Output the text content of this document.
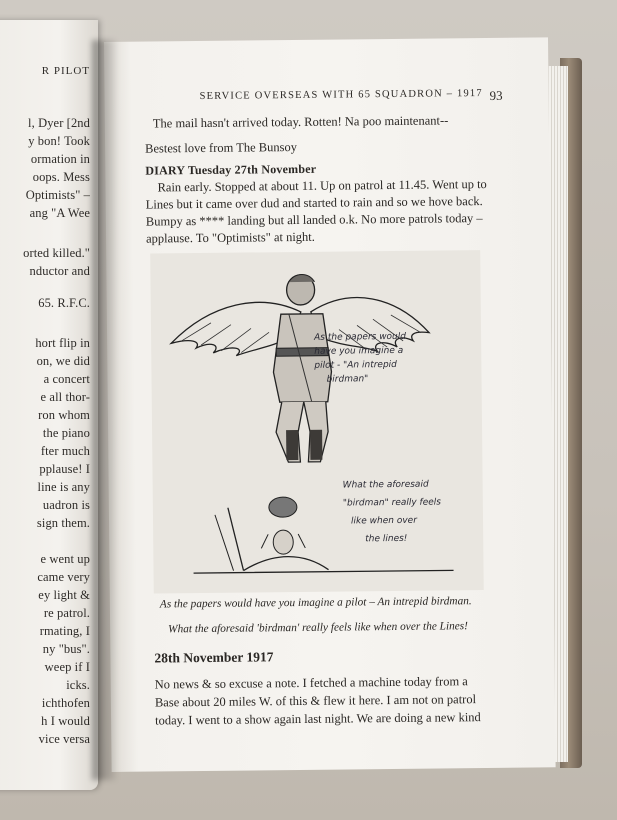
R PILOT
l, Dyer [2nd
y bon! Took
ormation in
oops. Mess
Optimists" –
ang "A Wee
orted killed."
nductor and
65. R.F.C.
hort flip in
on, we did
a concert
e all thor-
ron whom
the piano
fter much
pplause! I
line is any
uadron is
sign them.
e went up
came very
ey light &
re patrol.
rmating, I
ny "bus".
weep if I
icks.
ichthofen
h I would
vice versa
SERVICE OVERSEAS WITH 65 SQUADRON – 1917 93
The mail hasn't arrived today. Rotten! Na poo maintenant--
Bestest love from The Bunsoy
DIARY Tuesday 27th November
Rain early. Stopped at about 11. Up on patrol at 11.45. Went up to
Lines but it came over dud and started to rain and so we hove back.
Bumpy as **** landing but all landed o.k. No more patrols today –
applause. To "Optimists" at night.
As the papers would
have you imagine a
pilot - "An intrepid
birdman"
What the aforesaid
"birdman" really feels
like when over
the lines!
As the papers would have you imagine a pilot – An intrepid birdman.
What the aforesaid 'birdman' really feels like when over the Lines!
28th November 1917
No news & so excuse a note. I fetched a machine today from a
Base about 20 miles W. of this & flew it here. I am not on patrol
today. I went to a show again last night. We are doing a new kind
